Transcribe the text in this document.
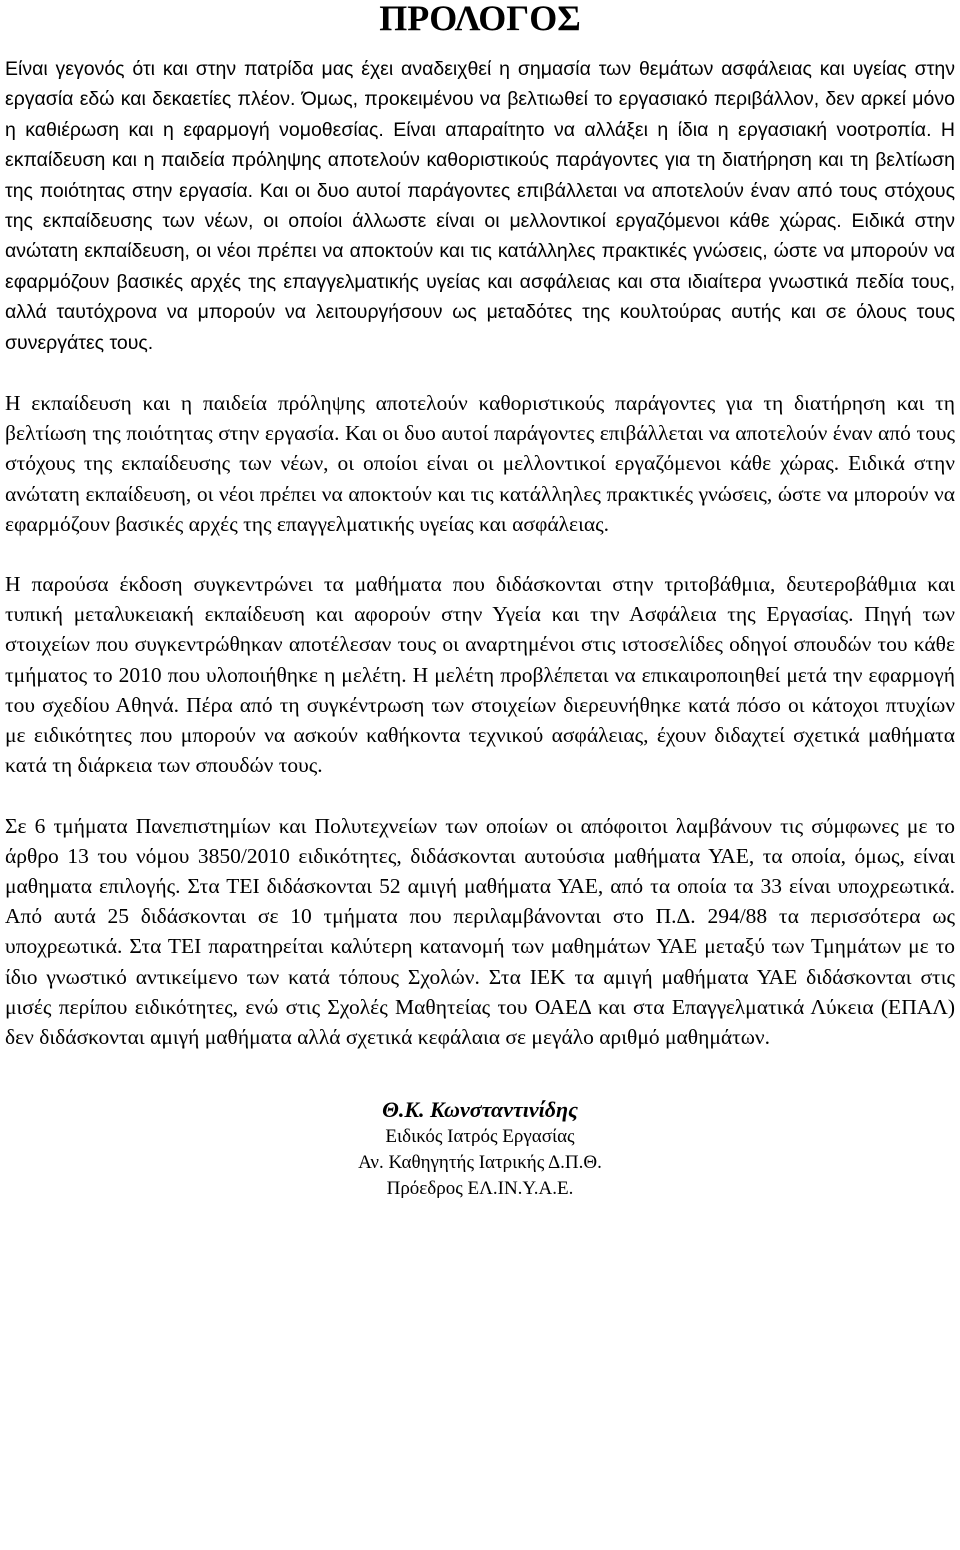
ΠΡΟΛΟΓΟΣ

Είναι γεγονός ότι και στην πατρίδα μας έχει αναδειχθεί η σημασία των θεμάτων ασφάλειας και υγείας στην εργασία εδώ και δεκαετίες πλέον. Όμως, προκειμένου να βελτιωθεί το εργασιακό περιβάλλον, δεν αρκεί μόνο η καθιέρωση και η εφαρμογή νομοθεσίας. Είναι απαραίτητο να αλλάξει η ίδια η εργασιακή νοοτροπία. Η εκπαίδευση και η παιδεία πρόληψης αποτελούν καθοριστικούς παράγοντες για τη διατήρηση και τη βελτίωση της ποιότητας στην εργασία. Και οι δυο αυτοί παράγοντες επιβάλλεται να αποτελούν έναν από τους στόχους της εκπαίδευσης των νέων, οι οποίοι άλλωστε είναι οι μελλοντικοί εργαζόμενοι κάθε χώρας. Ειδικά στην ανώτατη εκπαίδευση, οι νέοι πρέπει να αποκτούν και τις κατάλληλες πρακτικές γνώσεις, ώστε να μπορούν να εφαρμόζουν βασικές αρχές της επαγγελματικής υγείας και ασφάλειας και στα ιδιαίτερα γνωστικά πεδία τους, αλλά ταυτόχρονα να μπορούν να λειτουργήσουν ως μεταδότες της κουλτούρας αυτής και σε όλους τους συνεργάτες τους.

Η εκπαίδευση και η παιδεία πρόληψης αποτελούν καθοριστικούς παράγοντες για τη διατήρηση και τη βελτίωση της ποιότητας στην εργασία. Και οι δυο αυτοί παράγοντες επιβάλλεται να αποτελούν έναν από τους στόχους της εκπαίδευσης των νέων, οι οποίοι είναι οι μελλοντικοί εργαζόμενοι κάθε χώρας. Ειδικά στην ανώτατη εκπαίδευση, οι νέοι πρέπει να αποκτούν και τις κατάλληλες πρακτικές γνώσεις, ώστε να μπορούν να εφαρμόζουν βασικές αρχές της επαγγελματικής υγείας και ασφάλειας.

Η παρούσα έκδοση συγκεντρώνει τα μαθήματα που διδάσκονται στην τριτοβάθμια, δευτεροβάθμια και τυπική μεταλυκειακή εκπαίδευση και αφορούν στην Υγεία και την Ασφάλεια της Εργασίας. Πηγή των στοιχείων που συγκεντρώθηκαν αποτέλεσαν τους οι αναρτημένοι στις ιστοσελίδες οδηγοί σπουδών του κάθε τμήματος το 2010 που υλοποιήθηκε η μελέτη. Η μελέτη προβλέπεται να επικαιροποιηθεί μετά την εφαρμογή του σχεδίου Αθηνά. Πέρα από τη συγκέντρωση των στοιχείων διερευνήθηκε κατά πόσο οι κάτοχοι πτυχίων με ειδικότητες που μπορούν να ασκούν καθήκοντα τεχνικού ασφάλειας, έχουν διδαχτεί σχετικά μαθήματα κατά τη διάρκεια των σπουδών τους.

Σε 6 τμήματα Πανεπιστημίων και Πολυτεχνείων των οποίων οι απόφοιτοι λαμβάνουν τις σύμφωνες με το άρθρο 13 του νόμου 3850/2010 ειδικότητες, διδάσκονται αυτούσια μαθήματα ΥΑΕ, τα οποία, όμως, είναι μαθηματα επιλογής. Στα ΤΕΙ διδάσκονται 52 αμιγή μαθήματα ΥΑΕ, από τα οποία τα 33 είναι υποχρεωτικά. Από αυτά 25 διδάσκονται σε 10 τμήματα που περιλαμβάνονται στο Π.Δ. 294/88 τα περισσότερα ως υποχρεωτικά. Στα ΤΕΙ παρατηρείται καλύτερη κατανομή των μαθημάτων ΥΑΕ μεταξύ των Τμημάτων με το ίδιο γνωστικό αντικείμενο των κατά τόπους Σχολών. Στα ΙΕΚ τα αμιγή μαθήματα ΥΑΕ διδάσκονται στις μισές περίπου ειδικότητες, ενώ στις Σχολές Μαθητείας του ΟΑΕΔ και στα Επαγγελματικά Λύκεια (ΕΠΑΛ) δεν διδάσκονται αμιγή μαθήματα αλλά σχετικά κεφάλαια σε μεγάλο αριθμό μαθημάτων.

Θ.Κ. Κωνσταντινίδης
Ειδικός Ιατρός Εργασίας
Αν. Καθηγητής Ιατρικής Δ.Π.Θ.
Πρόεδρος ΕΛ.ΙΝ.Υ.Α.Ε.
